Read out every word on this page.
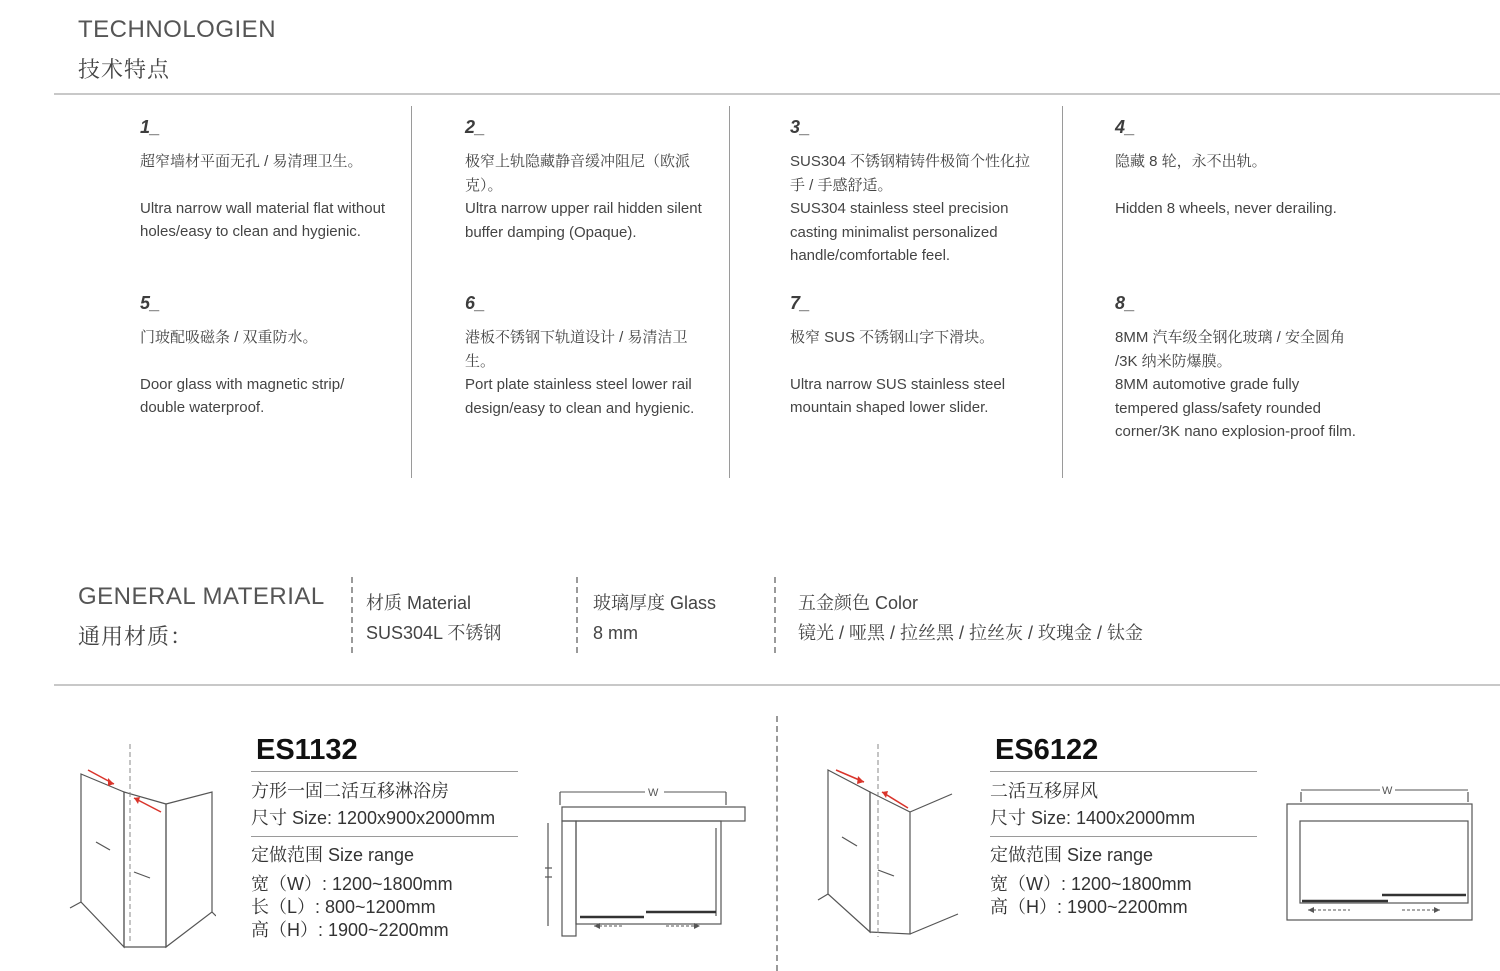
TECHNOLOGIEN
技术特点
1_
超窄墙材平面无孔 / 易清理卫生。
Ultra narrow wall material flat without holes/easy to clean and hygienic.
2_
极窄上轨隐藏静音缓冲阻尼（欧派克）。
Ultra narrow upper rail hidden silent buffer damping (Opaque).
3_
SUS304 不锈钢精铸件极简个性化拉手 / 手感舒适。
SUS304 stainless steel precision casting minimalist personalized handle/comfortable feel.
4_
隐藏 8 轮，永不出轨。
Hidden 8 wheels, never derailing.
5_
门玻配吸磁条 / 双重防水。
Door glass with magnetic strip/ double waterproof.
6_
港板不锈钢下轨道设计 / 易清洁卫生。
Port plate stainless steel lower rail design/easy to clean and hygienic.
7_
极窄 SUS 不锈钢山字下滑块。
Ultra narrow SUS stainless steel mountain shaped lower slider.
8_
8MM 汽车级全钢化玻璃 / 安全圆角 /3K 纳米防爆膜。
8MM automotive grade fully tempered glass/safety rounded corner/3K nano explosion-proof film.
GENERAL MATERIAL
通用材质：
材质 Material
SUS304L 不锈钢
玻璃厚度 Glass
8 mm
五金颜色 Color
镜光 / 哑黑 / 拉丝黑 / 拉丝灰 / 玫瑰金 / 钛金
ES1132
方形一固二活互移淋浴房
尺寸 Size: 1200x900x2000mm
定做范围 Size range
宽（W）: 1200~1800mm
长（L）: 800~1200mm
高（H）: 1900~2200mm
W
ES6122
二活互移屏风
尺寸 Size: 1400x2000mm
定做范围 Size range
宽（W）: 1200~1800mm
高（H）: 1900~2200mm
W
